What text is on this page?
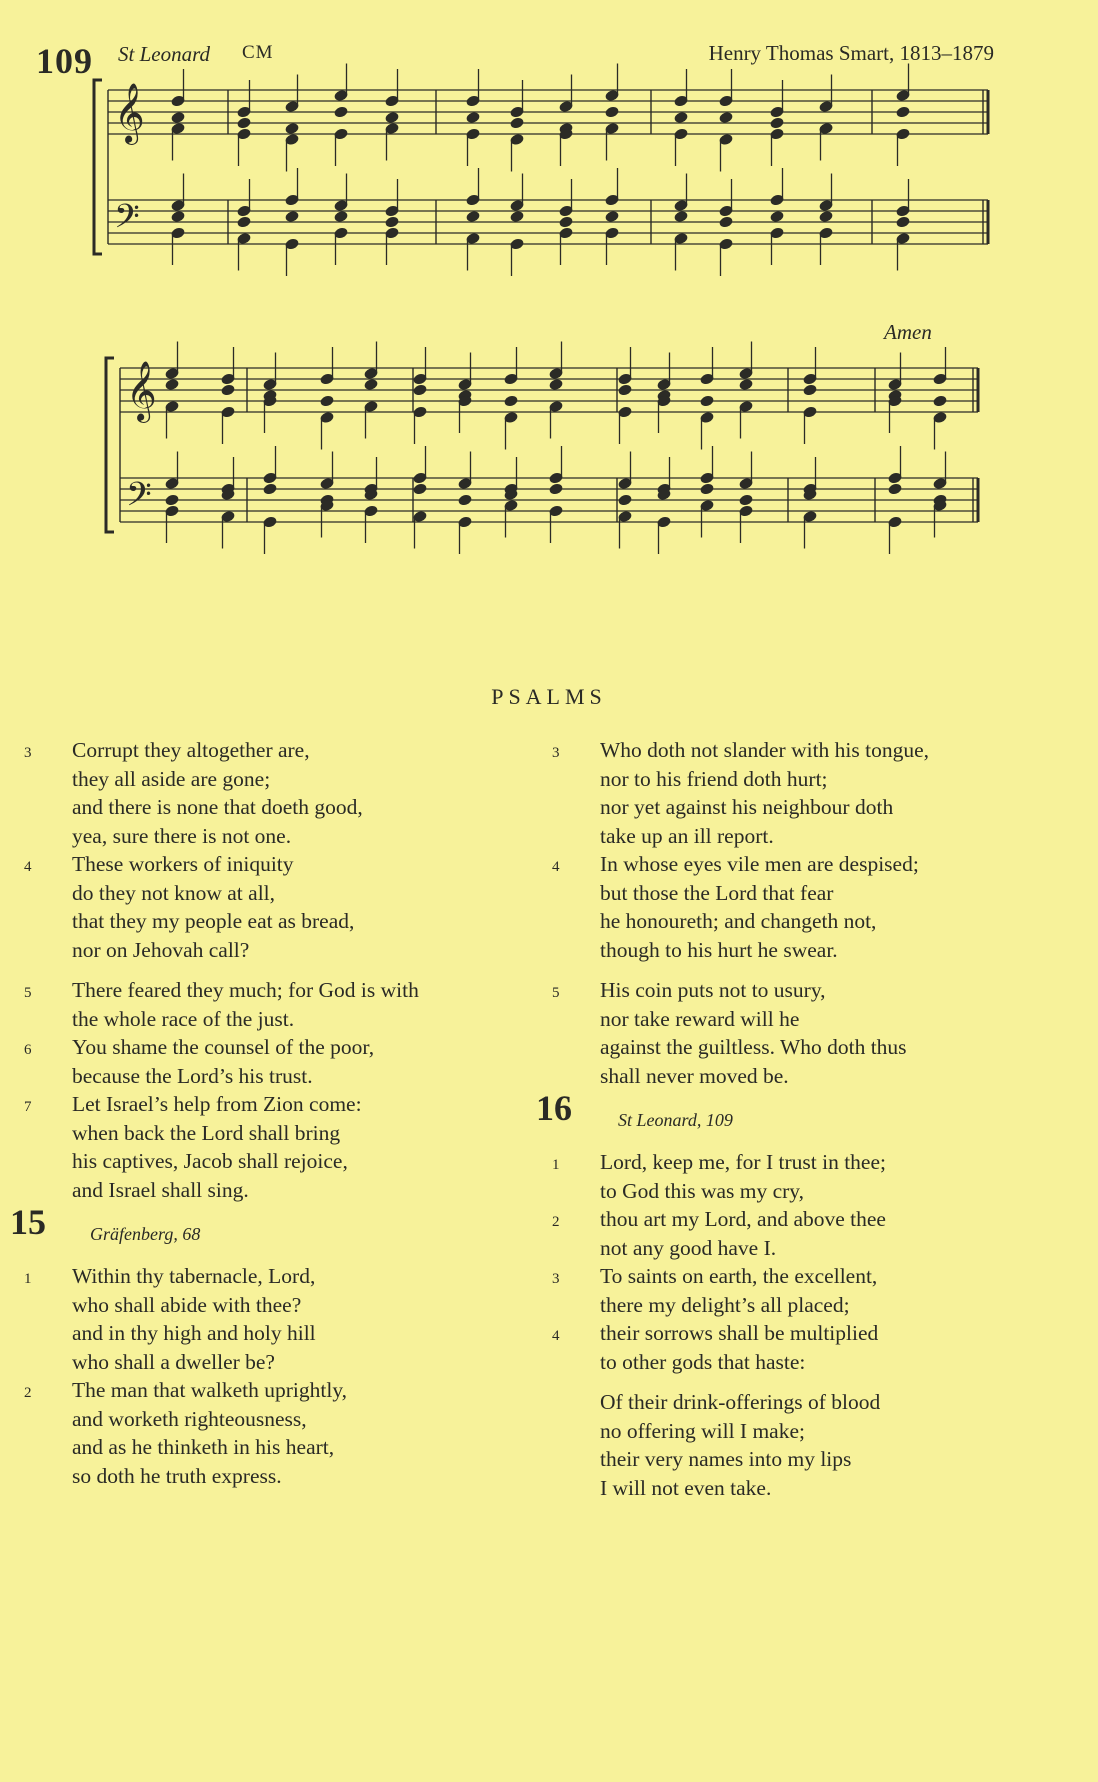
109 St Leonard CM	Henry Thomas Smart, 1813–1879
Amen
𝄞
𝄢
𝄞
𝄢
PSALMS
3 Corrupt they altogether are,
they all aside are gone;
and there is none that doeth good,
yea, sure there is not one.
4 These workers of iniquity
do they not know at all,
that they my people eat as bread,
nor on Jehovah call?
5 There feared they much; for God is with
the whole race of the just.
6 You shame the counsel of the poor,
because the Lord’s his trust.
7 Let Israel’s help from Zion come:
when back the Lord shall bring
his captives, Jacob shall rejoice,
and Israel shall sing.
15 Gräfenberg, 68
1 Within thy tabernacle, Lord,
who shall abide with thee?
and in thy high and holy hill
who shall a dweller be?
2 The man that walketh uprightly,
and worketh righteousness,
and as he thinketh in his heart,
so doth he truth express.
3 Who doth not slander with his tongue,
nor to his friend doth hurt;
nor yet against his neighbour doth
take up an ill report.
4 In whose eyes vile men are despised;
but those the Lord that fear
he honoureth; and changeth not,
though to his hurt he swear.
5 His coin puts not to usury,
nor take reward will he
against the guiltless. Who doth thus
shall never moved be.
16	St Leonard, 109
1 Lord, keep me, for I trust in thee;
to God this was my cry,
2 thou art my Lord, and above thee
not any good have I.
3 To saints on earth, the excellent,
there my delight’s all placed;
4 their sorrows shall be multiplied
to other gods that haste:
Of their drink-offerings of blood
no offering will I make;
their very names into my lips
I will not even take.
